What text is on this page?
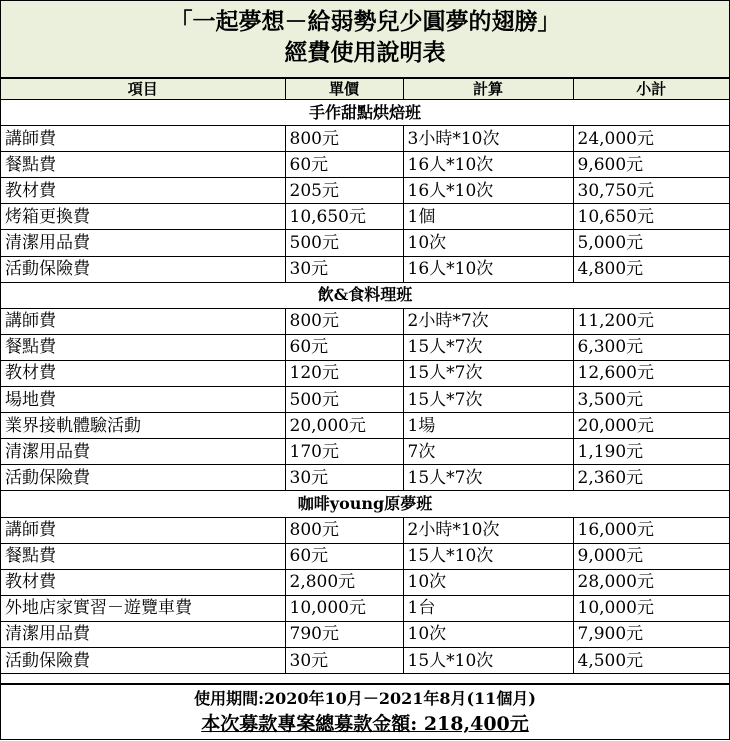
「一起夢想－給弱勢兒少圓夢的翅膀」
經費使用說明表
項目	單價	計算	小計
手作甜點烘焙班			
講師費	800元	3小時*10次	24,000元
餐點費	60元	16人*10次	9,600元
教材費	205元	16人*10次	30,750元
烤箱更換費	10,650元	1個	10,650元
清潔用品費	500元	10次	5,000元
活動保險費	30元	16人*10次	4,800元
飲&食料理班			
講師費	800元	2小時*7次	11,200元
餐點費	60元	15人*7次	6,300元
教材費	120元	15人*7次	12,600元
場地費	500元	15人*7次	3,500元
業界接軌體驗活動	20,000元	1場	20,000元
清潔用品費	170元	7次	1,190元
活動保險費	30元	15人*7次	2,360元
咖啡young原夢班			
講師費	800元	2小時*10次	16,000元
餐點費	60元	15人*10次	9,000元
教材費	2,800元	10次	28,000元
外地店家實習－遊覽車費	10,000元	1台	10,000元
清潔用品費	790元	10次	7,900元
活動保險費	30元	15人*10次	4,500元
使用期間:2020年10月－2021年8月(11個月)
本次募款專案總募款金額: 218,400元
